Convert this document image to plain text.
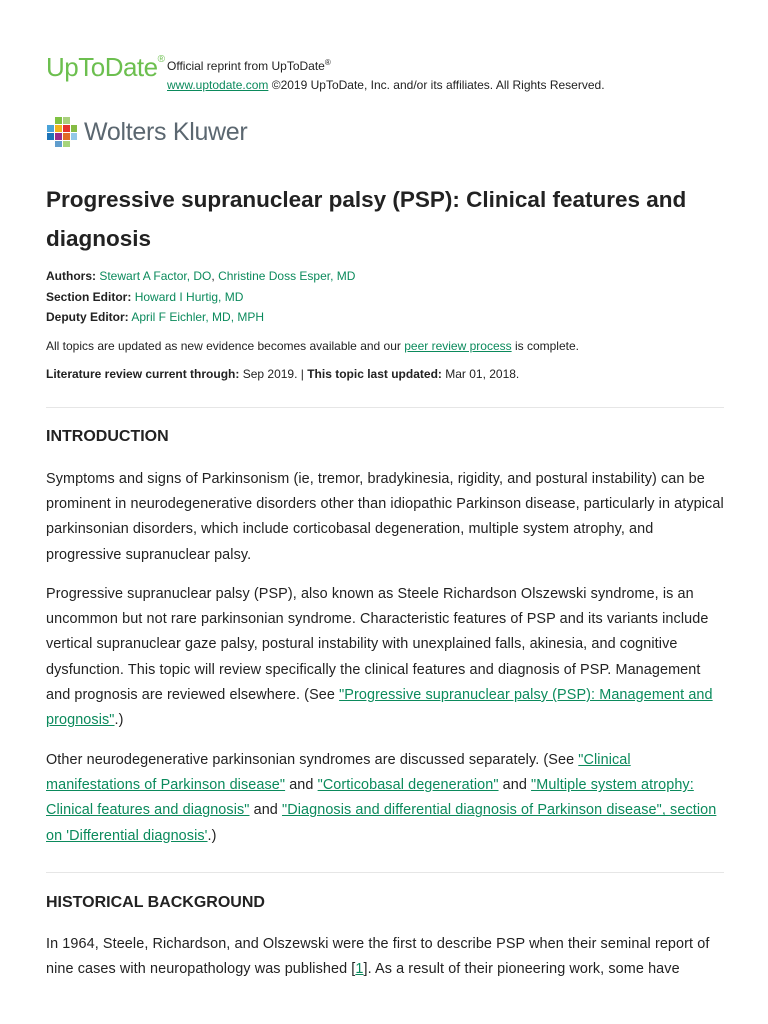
UpToDate® Official reprint from UpToDate®
www.uptodate.com ©2019 UpToDate, Inc. and/or its affiliates. All Rights Reserved.
Wolters Kluwer
Progressive supranuclear palsy (PSP): Clinical features and diagnosis
Authors: Stewart A Factor, DO, Christine Doss Esper, MD
Section Editor: Howard I Hurtig, MD
Deputy Editor: April F Eichler, MD, MPH
All topics are updated as new evidence becomes available and our peer review process is complete.
Literature review current through: Sep 2019. | This topic last updated: Mar 01, 2018.
INTRODUCTION

Symptoms and signs of Parkinsonism (ie, tremor, bradykinesia, rigidity, and postural instability) can be prominent in neurodegenerative disorders other than idiopathic Parkinson disease, particularly in atypical parkinsonian disorders, which include corticobasal degeneration, multiple system atrophy, and progressive supranuclear palsy.

Progressive supranuclear palsy (PSP), also known as Steele Richardson Olszewski syndrome, is an uncommon but not rare parkinsonian syndrome. Characteristic features of PSP and its variants include vertical supranuclear gaze palsy, postural instability with unexplained falls, akinesia, and cognitive dysfunction. This topic will review specifically the clinical features and diagnosis of PSP. Management and prognosis are reviewed elsewhere. (See "Progressive supranuclear palsy (PSP): Management and prognosis".)

Other neurodegenerative parkinsonian syndromes are discussed separately. (See "Clinical manifestations of Parkinson disease" and "Corticobasal degeneration" and "Multiple system atrophy: Clinical features and diagnosis" and "Diagnosis and differential diagnosis of Parkinson disease", section on 'Differential diagnosis'.)

HISTORICAL BACKGROUND

In 1964, Steele, Richardson, and Olszewski were the first to describe PSP when their seminal report of nine cases with neuropathology was published [1]. As a result of their pioneering work, some have
